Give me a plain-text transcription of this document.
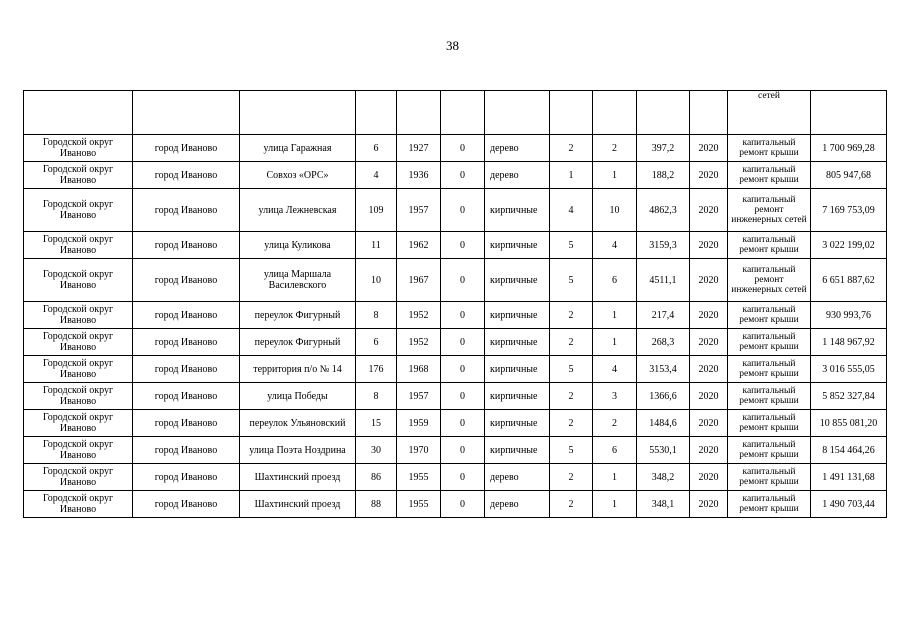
38
											сетей	
Городской округ Иваново	город Иваново	улица Гаражная	6	1927	0	дерево	2	2	397,2	2020	капитальный ремонт крыши	1 700 969,28
Городской округ Иваново	город Иваново	Совхоз «ОРС»	4	1936	0	дерево	1	1	188,2	2020	капитальный ремонт крыши	805 947,68
Городской округ Иваново	город Иваново	улица Лежневская	109	1957	0	кирпичные	4	10	4862,3	2020	капитальный ремонт инженерных сетей	7 169 753,09
Городской округ Иваново	город Иваново	улица Куликова	11	1962	0	кирпичные	5	4	3159,3	2020	капитальный ремонт крыши	3 022 199,02
Городской округ Иваново	город Иваново	улица Маршала Василевского	10	1967	0	кирпичные	5	6	4511,1	2020	капитальный ремонт инженерных сетей	6 651 887,62
Городской округ Иваново	город Иваново	переулок Фигурный	8	1952	0	кирпичные	2	1	217,4	2020	капитальный ремонт крыши	930 993,76
Городской округ Иваново	город Иваново	переулок Фигурный	6	1952	0	кирпичные	2	1	268,3	2020	капитальный ремонт крыши	1 148 967,92
Городской округ Иваново	город Иваново	территория п/о № 14	176	1968	0	кирпичные	5	4	3153,4	2020	капитальный ремонт крыши	3 016 555,05
Городской округ Иваново	город Иваново	улица Победы	8	1957	0	кирпичные	2	3	1366,6	2020	капитальный ремонт крыши	5 852 327,84
Городской округ Иваново	город Иваново	переулок Ульяновский	15	1959	0	кирпичные	2	2	1484,6	2020	капитальный ремонт крыши	10 855 081,20
Городской округ Иваново	город Иваново	улица Поэта Ноздрина	30	1970	0	кирпичные	5	6	5530,1	2020	капитальный ремонт крыши	8 154 464,26
Городской округ Иваново	город Иваново	Шахтинский проезд	86	1955	0	дерево	2	1	348,2	2020	капитальный ремонт крыши	1 491 131,68
Городской округ Иваново	город Иваново	Шахтинский проезд	88	1955	0	дерево	2	1	348,1	2020	капитальный ремонт крыши	1 490 703,44
